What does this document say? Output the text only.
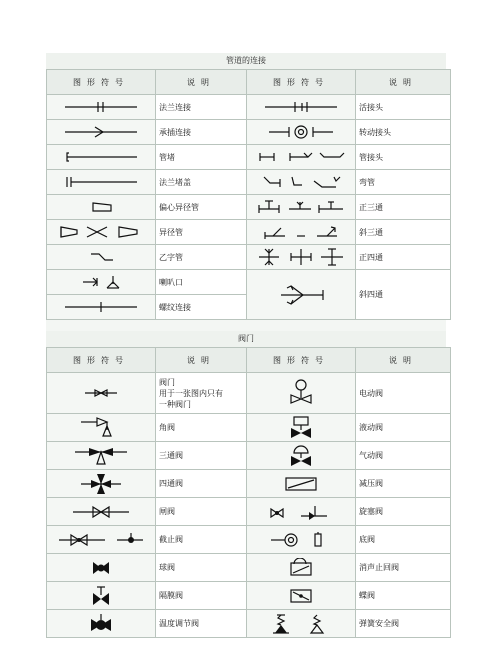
管道的连接
图形符号	说明	图形符号	说明

	法兰连接		活接头

	承插连接		转动接头

	管堵		管接头

	法兰堵盖		弯管

	偏心异径管		正三通

	异径管		斜三通

	乙字管		正四通

	喇叭口		斜四通

	螺纹连接		
阀门
图形符号	说明	图形符号	说明

阀门
用于一张图内只有
一种阀门		电动阀

	角阀		液动阀

	三通阀		气动阀

	四通阀		减压阀

	闸阀		旋塞阀

	截止阀		底阀

	球阀		消声止回阀

	隔膜阀		蝶阀

	温度调节阀		弹簧安全阀
